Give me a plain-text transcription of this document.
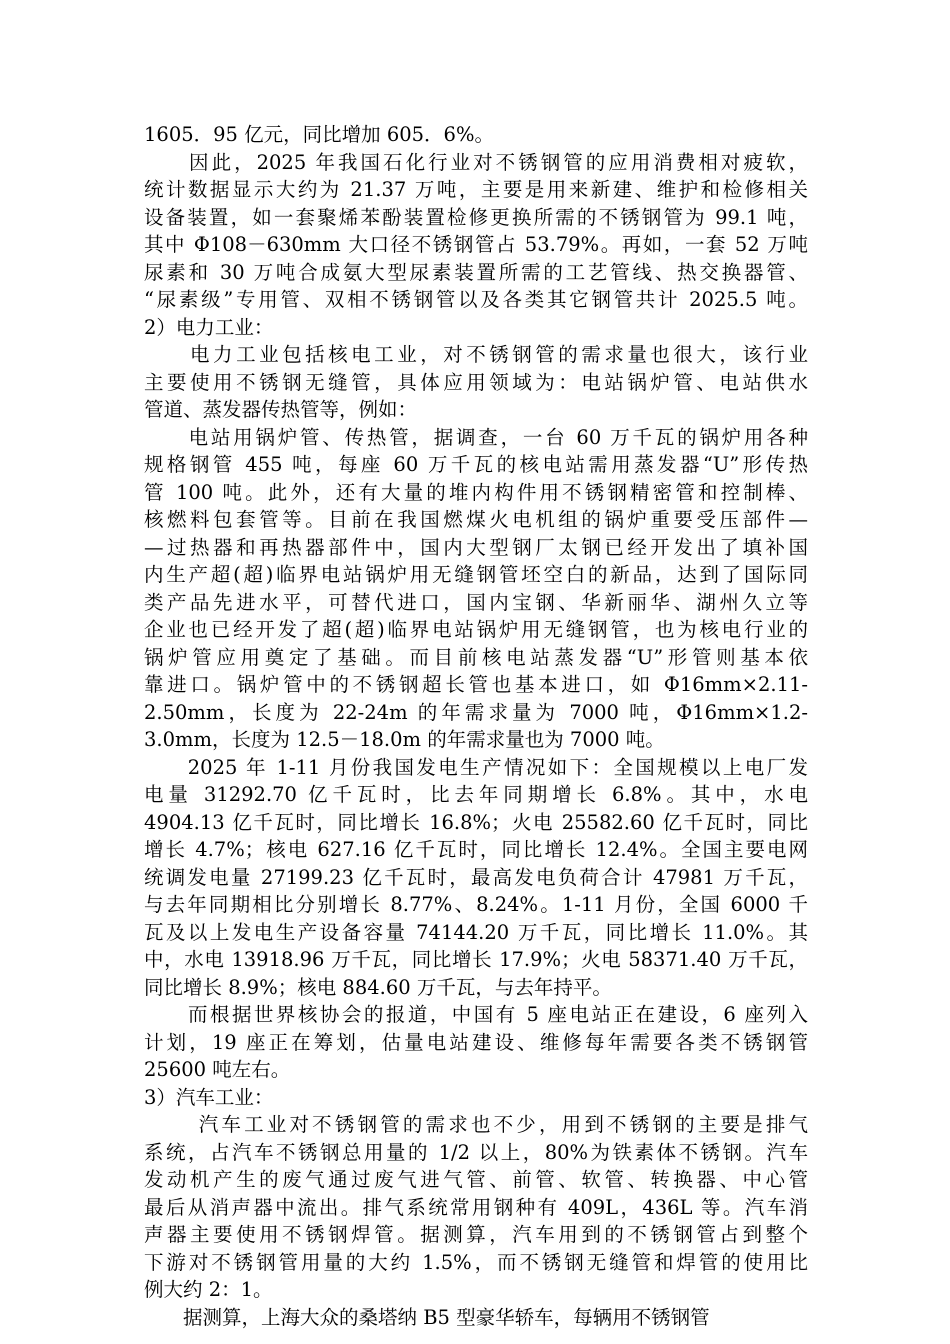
1605．95 亿元，同比增加 605．6%。
　　因此，2025 年我国石化行业对不锈钢管的应用消费相对疲软，
统计数据显示大约为 21.37 万吨，主要是用来新建、维护和检修相关
设备装置，如一套聚烯苯酚装置检修更换所需的不锈钢管为 99.1 吨，
其中 Φ108－630mm 大口径不锈钢管占 53.79%。再如，一套 52 万吨
尿素和 30 万吨合成氨大型尿素装置所需的工艺管线、热交换器管、
“尿素级”专用管、双相不锈钢管以及各类其它钢管共计 2025.5 吨。
2）电力工业：
　　电力工业包括核电工业，对不锈钢管的需求量也很大，该行业
主要使用不锈钢无缝管，具体应用领域为：电站锅炉管、电站供水
管道、蒸发器传热管等，例如：
　　电站用锅炉管、传热管，据调查，一台 60 万千瓦的锅炉用各种
规格钢管 455 吨，每座 60 万千瓦的核电站需用蒸发器“U”形传热
管 100 吨。此外，还有大量的堆内构件用不锈钢精密管和控制棒、
核燃料包套管等。目前在我国燃煤火电机组的锅炉重要受压部件—
—过热器和再热器部件中，国内大型钢厂太钢已经开发出了填补国
内生产超(超)临界电站锅炉用无缝钢管坯空白的新品，达到了国际同
类产品先进水平，可替代进口，国内宝钢、华新丽华、湖州久立等
企业也已经开发了超(超)临界电站锅炉用无缝钢管，也为核电行业的
锅炉管应用奠定了基础。而目前核电站蒸发器“U”形管则基本依
靠进口。锅炉管中的不锈钢超长管也基本进口，如 Φ16mm×2.11-
2.50mm，长度为 22-24m 的年需求量为 7000 吨，Φ16mm×1.2-
3.0mm，长度为 12.5－18.0m 的年需求量也为 7000 吨。
　　2025 年 1-11 月份我国发电生产情况如下：全国规模以上电厂发
电量 31292.70 亿千瓦时，比去年同期增长 6.8%。其中，水电
4904.13 亿千瓦时，同比增长 16.8%；火电 25582.60 亿千瓦时，同比
增长 4.7%；核电 627.16 亿千瓦时，同比增长 12.4%。全国主要电网
统调发电量 27199.23 亿千瓦时，最高发电负荷合计 47981 万千瓦，
与去年同期相比分别增长 8.77%、8.24%。1-11 月份，全国 6000 千
瓦及以上发电生产设备容量 74144.20 万千瓦，同比增长 11.0%。其
中，水电 13918.96 万千瓦，同比增长 17.9%；火电 58371.40 万千瓦，
同比增长 8.9%；核电 884.60 万千瓦，与去年持平。
　　而根据世界核协会的报道，中国有 5 座电站正在建设，6 座列入
计划，19 座正在筹划，估量电站建设、维修每年需要各类不锈钢管
25600 吨左右。
3）汽车工业：
　　 汽车工业对不锈钢管的需求也不少，用到不锈钢的主要是排气
系统，占汽车不锈钢总用量的 1/2 以上，80%为铁素体不锈钢。汽车
发动机产生的废气通过废气进气管、前管、软管、转换器、中心管
最后从消声器中流出。排气系统常用钢种有 409L，436L 等。汽车消
声器主要使用不锈钢焊管。据测算，汽车用到的不锈钢管占到整个
下游对不锈钢管用量的大约 1.5%，而不锈钢无缝管和焊管的使用比
例大约 2：1。
　　据测算，上海大众的桑塔纳 B5 型豪华轿车，每辆用不锈钢管
